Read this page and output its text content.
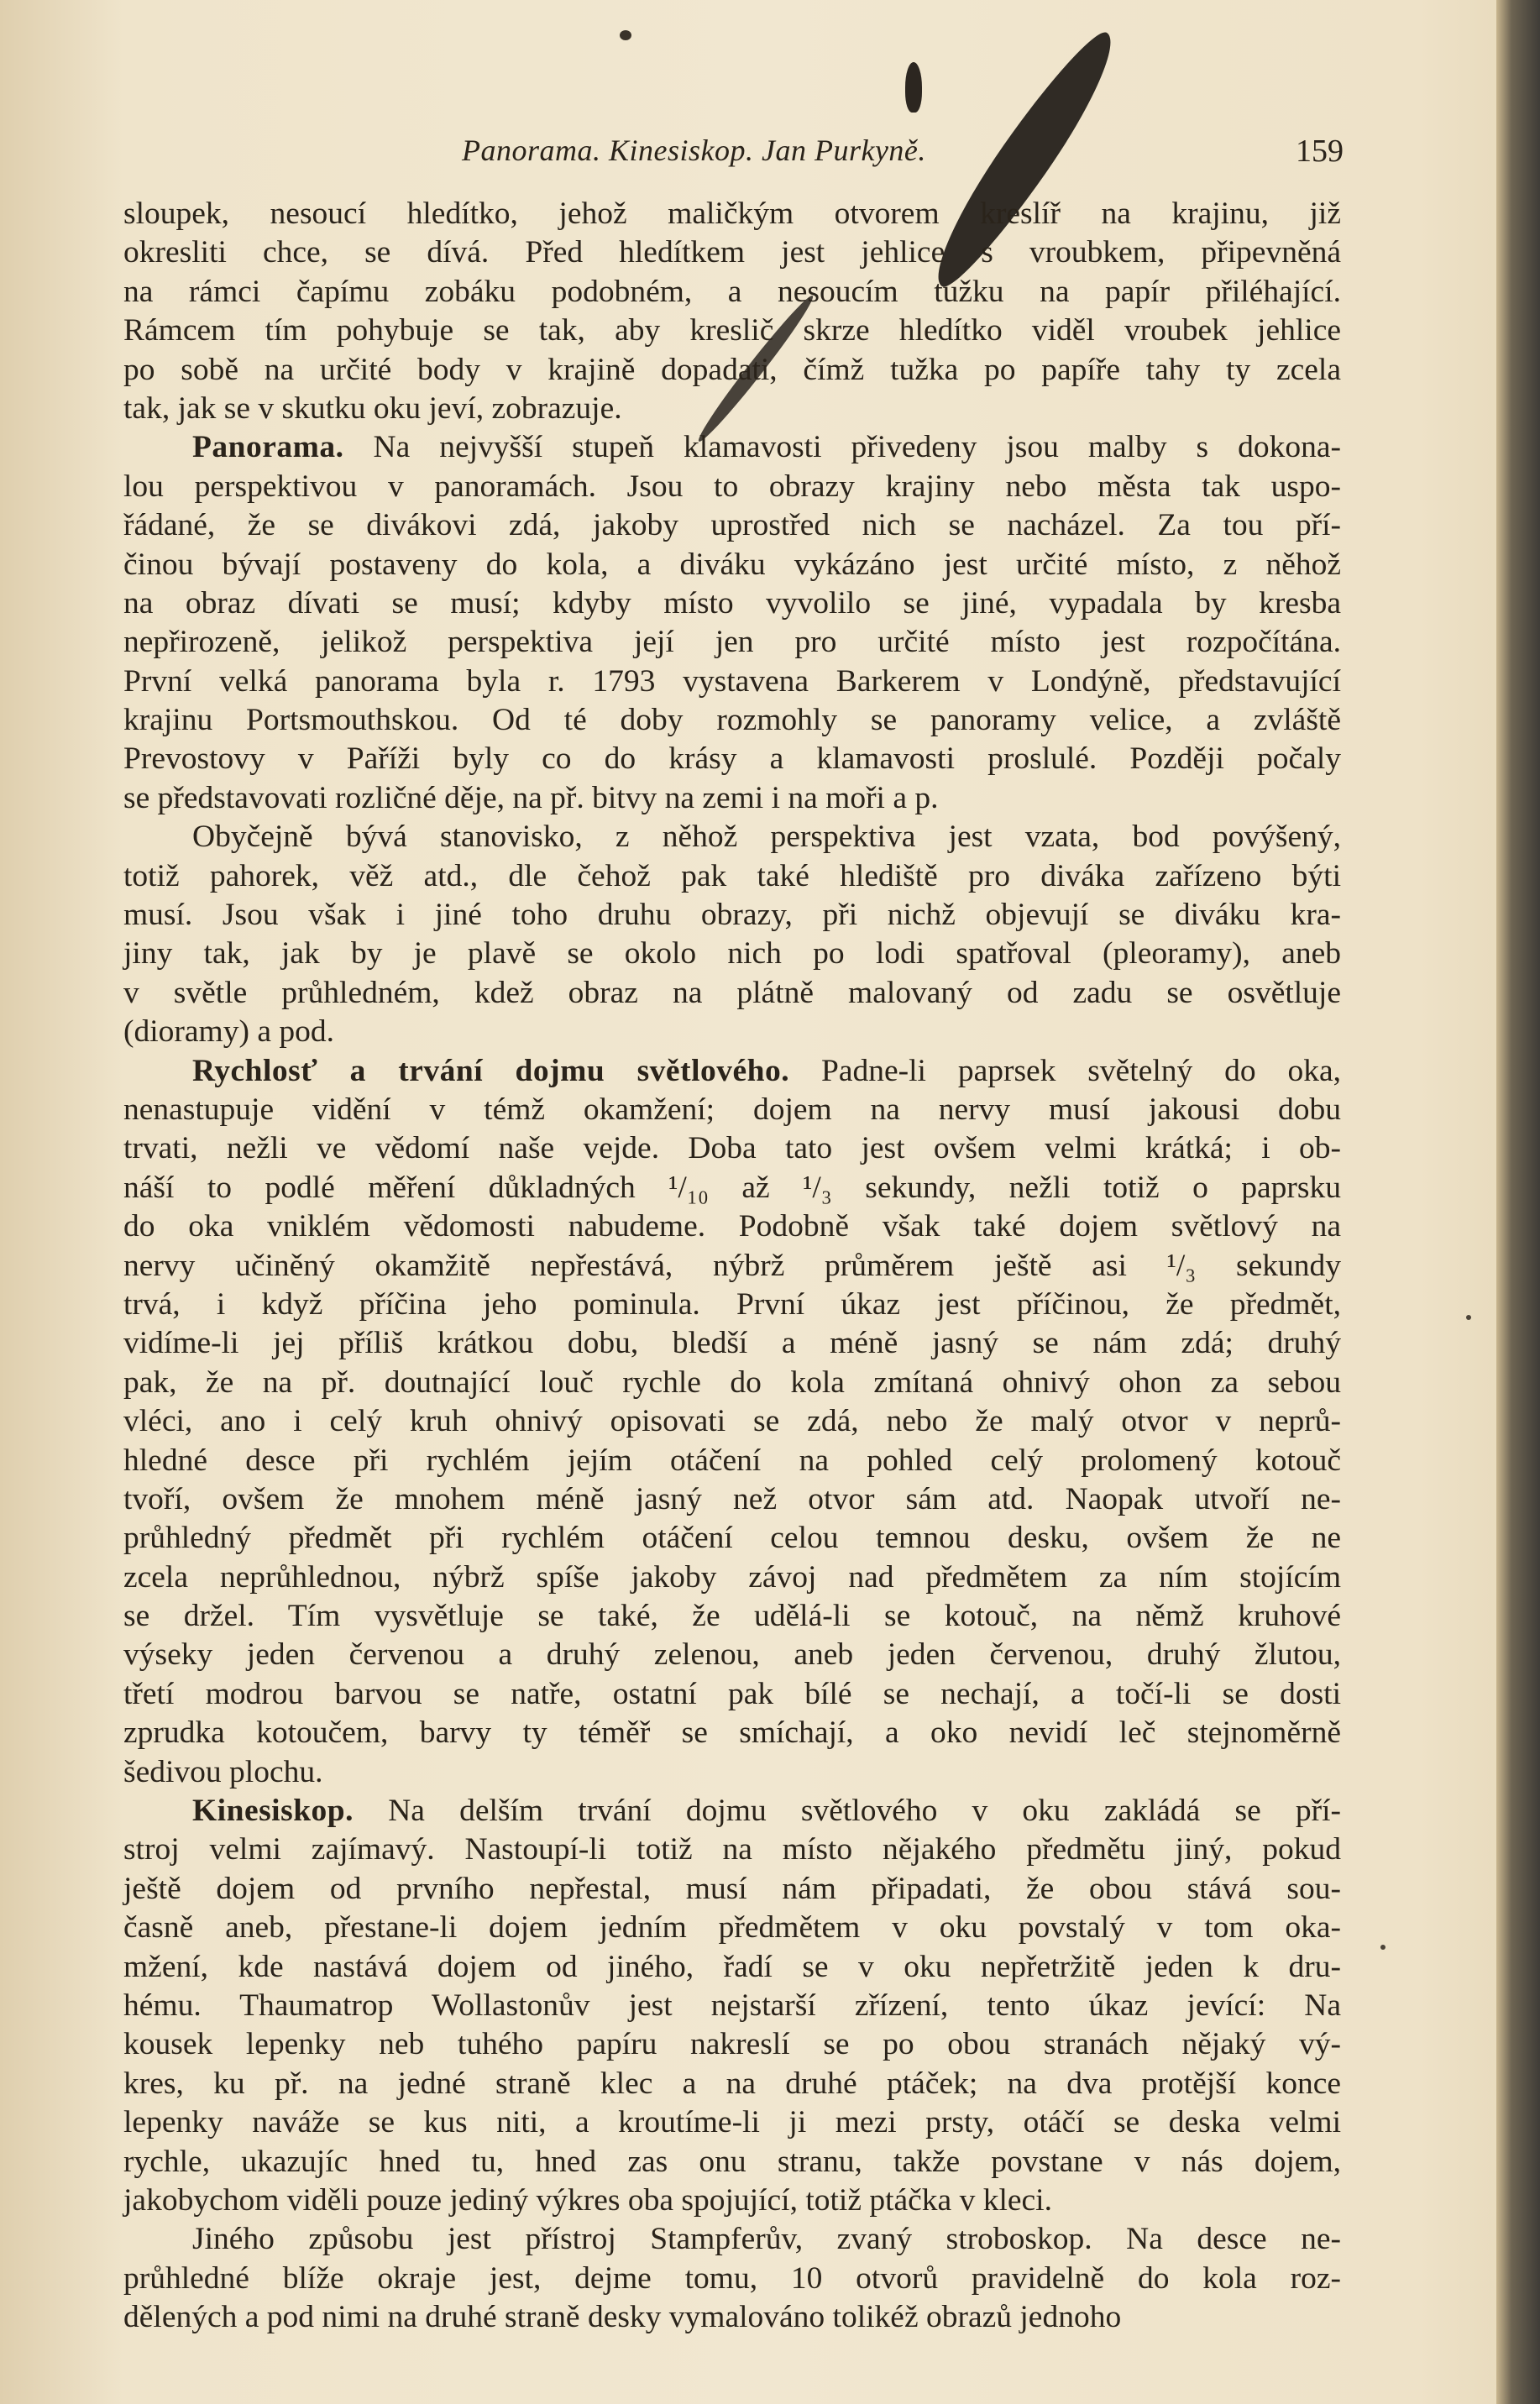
Panorama. Kinesiskop. Jan Purkyně.	159
sloupek, nesoucí hledítko, jehož maličkým otvorem kreslíř na krajinu, již
okresliti chce, se dívá. Před hledítkem jest jehlice s vroubkem, připevněná
na rámci čapímu zobáku podobném, a nesoucím tužku na papír přiléhající.
Rámcem tím pohybuje se tak, aby kreslič skrze hledítko viděl vroubek jehlice
po sobě na určité body v krajině dopadati, čímž tužka po papíře tahy ty zcela
tak, jak se v skutku oku jeví, zobrazuje.
Panorama. Na nejvyšší stupeň klamavosti přivedeny jsou malby s dokona-
lou perspektivou v panoramách. Jsou to obrazy krajiny nebo města tak uspo-
řádané, že se divákovi zdá, jakoby uprostřed nich se nacházel. Za tou pří-
činou bývají postaveny do kola, a diváku vykázáno jest určité místo, z něhož
na obraz dívati se musí; kdyby místo vyvolilo se jiné, vypadala by kresba
nepřirozeně, jelikož perspektiva její jen pro určité místo jest rozpočítána.
První velká panorama byla r. 1793 vystavena Barkerem v Londýně, představující
krajinu Portsmouthskou. Od té doby rozmohly se panoramy velice, a zvláště
Prevostovy v Paříži byly co do krásy a klamavosti proslulé. Později počaly
se představovati rozličné děje, na př. bitvy na zemi i na moři a p.
Obyčejně bývá stanovisko, z něhož perspektiva jest vzata, bod povýšený,
totiž pahorek, věž atd., dle čehož pak také hlediště pro diváka zařízeno býti
musí. Jsou však i jiné toho druhu obrazy, při nichž objevují se diváku kra-
jiny tak, jak by je plavě se okolo nich po lodi spatřoval (pleoramy), aneb
v světle průhledném, kdež obraz na plátně malovaný od zadu se osvětluje
(dioramy) a pod.
Rychlosť a trvání dojmu světlového. Padne-li paprsek světelný do oka,
nenastupuje vidění v témž okamžení; dojem na nervy musí jakousi dobu
trvati, nežli ve vědomí naše vejde. Doba tato jest ovšem velmi krátká; i ob-
náší to podlé měření důkladných ¹/₁₀ až ¹/₃ sekundy, nežli totiž o paprsku
do oka vniklém vědomosti nabudeme. Podobně však také dojem světlový na
nervy učiněný okamžitě nepřestává, nýbrž průměrem ještě asi ¹/₃ sekundy
trvá, i když příčina jeho pominula. První úkaz jest příčinou, že předmět,
vidíme-li jej příliš krátkou dobu, bledší a méně jasný se nám zdá; druhý
pak, že na př. doutnající louč rychle do kola zmítaná ohnivý ohon za sebou
vléci, ano i celý kruh ohnivý opisovati se zdá, nebo že malý otvor v neprů-
hledné desce při rychlém jejím otáčení na pohled celý prolomený kotouč
tvoří, ovšem že mnohem méně jasný než otvor sám atd. Naopak utvoří ne-
průhledný předmět při rychlém otáčení celou temnou desku, ovšem že ne
zcela neprůhlednou, nýbrž spíše jakoby závoj nad předmětem za ním stojícím
se držel. Tím vysvětluje se také, že udělá-li se kotouč, na němž kruhové
výseky jeden červenou a druhý zelenou, aneb jeden červenou, druhý žlutou,
třetí modrou barvou se natře, ostatní pak bílé se nechají, a točí-li se dosti
zprudka kotoučem, barvy ty téměř se smíchají, a oko nevidí leč stejnoměrně
šedivou plochu.
Kinesiskop. Na delším trvání dojmu světlového v oku zakládá se pří-
stroj velmi zajímavý. Nastoupí-li totiž na místo nějakého předmětu jiný, pokud
ještě dojem od prvního nepřestal, musí nám připadati, že obou stává sou-
časně aneb, přestane-li dojem jedním předmětem v oku povstalý v tom oka-
mžení, kde nastává dojem od jiného, řadí se v oku nepřetržitě jeden k dru-
hému. Thaumatrop Wollastonův jest nejstarší zřízení, tento úkaz jevící: Na
kousek lepenky neb tuhého papíru nakreslí se po obou stranách nějaký vý-
kres, ku př. na jedné straně klec a na druhé ptáček; na dva protější konce
lepenky naváže se kus niti, a kroutíme-li ji mezi prsty, otáčí se deska velmi
rychle, ukazujíc hned tu, hned zas onu stranu, takže povstane v nás dojem,
jakobychom viděli pouze jediný výkres oba spojující, totiž ptáčka v kleci.
Jiného způsobu jest přístroj Stampferův, zvaný stroboskop. Na desce ne-
průhledné blíže okraje jest, dejme tomu, 10 otvorů pravidelně do kola roz-
dělených a pod nimi na druhé straně desky vymalováno tolikéž obrazů jednoho
